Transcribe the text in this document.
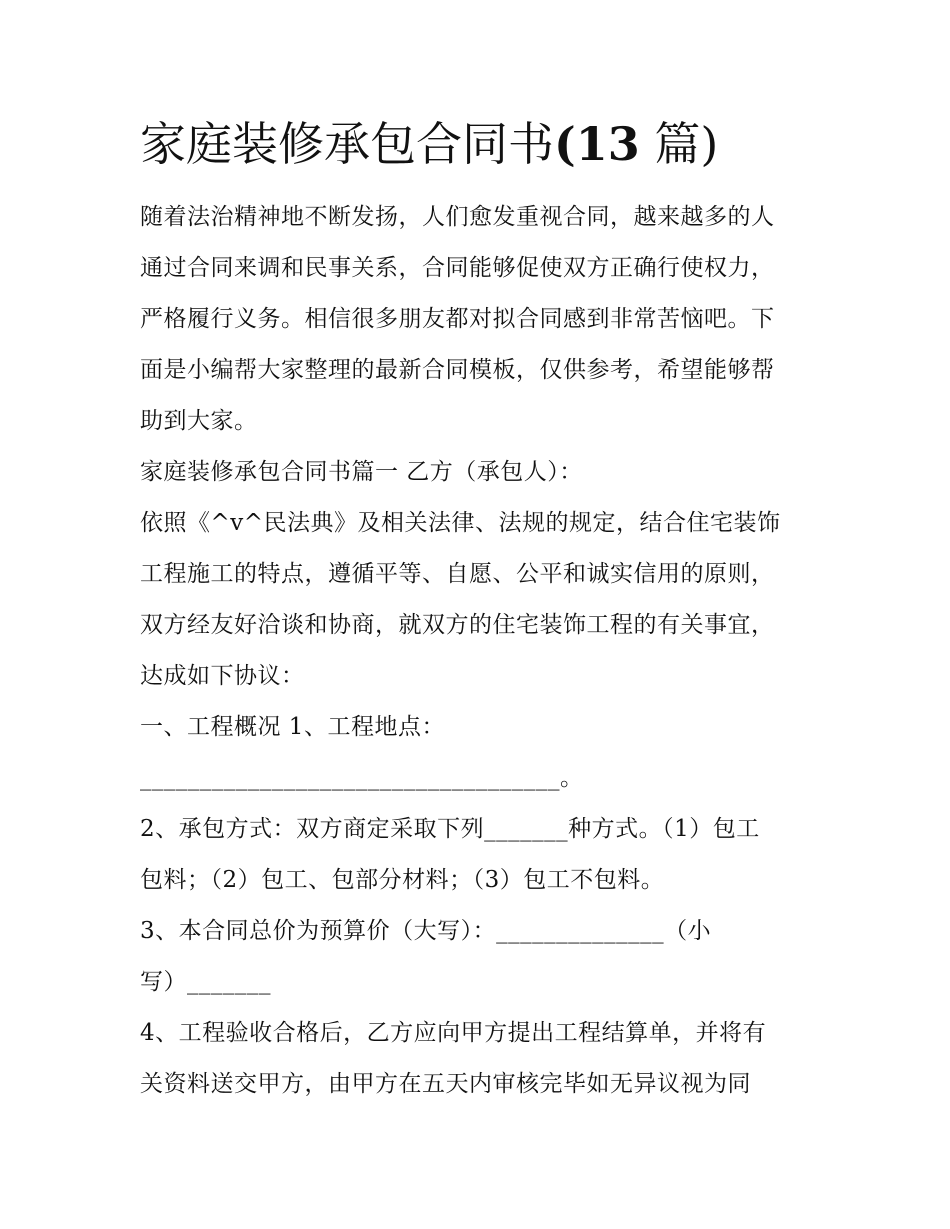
家庭装修承包合同书(13 篇)
随着法治精神地不断发扬，人们愈发重视合同，越来越多的人
通过合同来调和民事关系，合同能够促使双方正确行使权力，
严格履行义务。相信很多朋友都对拟合同感到非常苦恼吧。下
面是小编帮大家整理的最新合同模板，仅供参考，希望能够帮
助到大家。
家庭装修承包合同书篇一 乙方（承包人）：
依照《^v^民法典》及相关法律、法规的规定，结合住宅装饰
工程施工的特点，遵循平等、自愿、公平和诚实信用的原则，
双方经友好洽谈和协商，就双方的住宅装饰工程的有关事宜，
达成如下协议：
一、工程概况 1、工程地点：
___________________________________。
2、承包方式：双方商定采取下列_______种方式。（1）包工
包料；（2）包工、包部分材料；（3）包工不包料。
3、本合同总价为预算价（大写）：______________（小
写）_______
4、工程验收合格后，乙方应向甲方提出工程结算单，并将有
关资料送交甲方，由甲方在五天内审核完毕如无异议视为同
